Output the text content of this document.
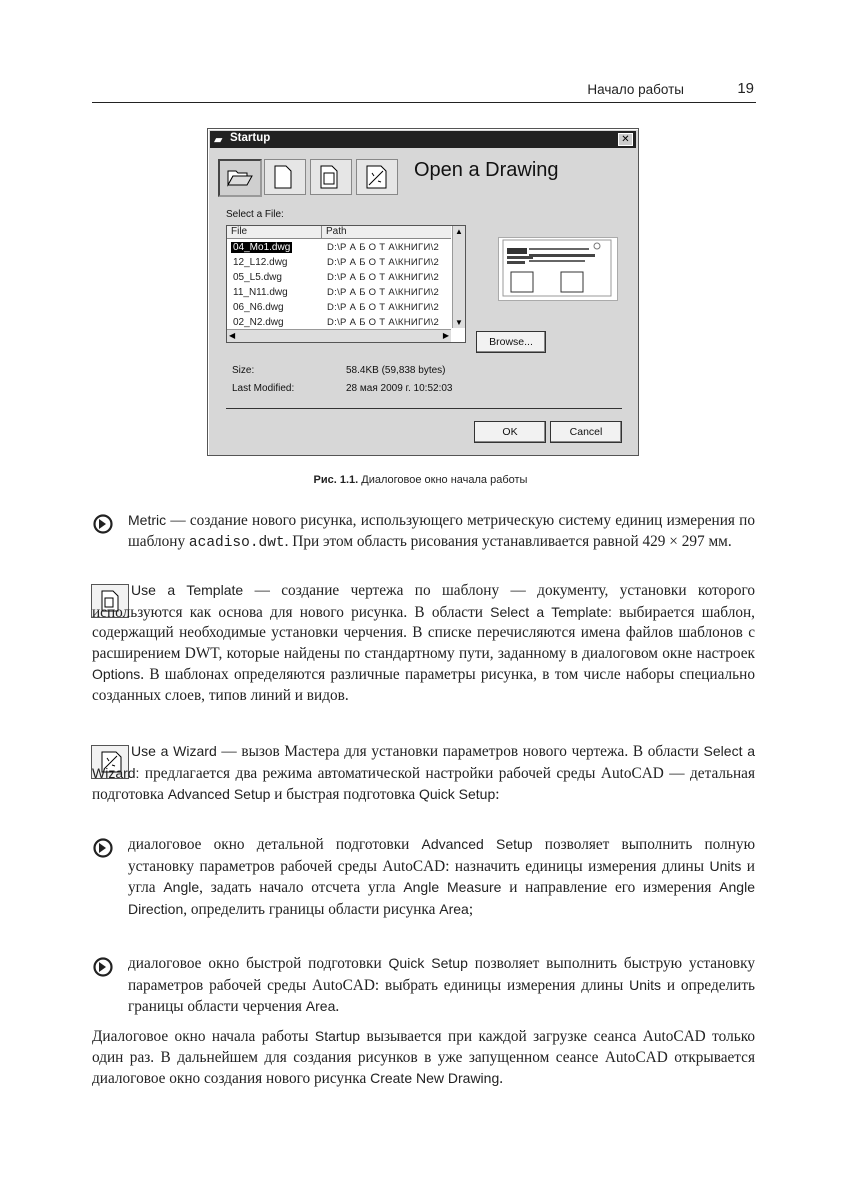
Начало работы	19
▰ Startup	✕
Open a Drawing
Select a File:
File	Path
04_Mo1.dwg	D:\Р А Б О Т А\КНИГИ\2
12_L12.dwg	D:\Р А Б О Т А\КНИГИ\2
05_L5.dwg	D:\Р А Б О Т А\КНИГИ\2
11_N11.dwg	D:\Р А Б О Т А\КНИГИ\2
06_N6.dwg	D:\Р А Б О Т А\КНИГИ\2
02_N2.dwg	D:\Р А Б О Т А\КНИГИ\2
▲
▼
◀	▶
Browse...
Size:	58.4KB (59,838 bytes)
Last Modified:	28 мая 2009 г. 10:52:03
OK	Cancel
Рис. 1.1. Диалоговое окно начала работы
Metric — создание нового рисунка, использующего метрическую систему единиц измерения по шаблону acadiso.dwt. При этом область рисования устанавливается равной 429 × 297 мм.
Use a Template — создание чертежа по шаблону — документу, установки которого используются как основа для нового рисунка. В области Select a Template: выбирается шаблон, содержащий необходимые установки черчения. В списке перечисляются имена файлов шаблонов с расширением DWT, которые найдены по стандартному пути, заданному в диалоговом окне настроек Options. В шаблонах определяются различные параметры рисунка, в том числе наборы специально созданных слоев, типов линий и видов.
Use a Wizard — вызов Мастера для установки параметров нового чертежа. В области Select a Wizard: предлагается два режима автоматической настройки рабочей среды AutoCAD — детальная подготовка Advanced Setup и быстрая подготовка Quick Setup:
диалоговое окно детальной подготовки Advanced Setup позволяет выполнить полную установку параметров рабочей среды AutoCAD: назначить единицы измерения длины Units и угла Angle, задать начало отсчета угла Angle Measure и направление его измерения Angle Direction, определить границы области рисунка Area;
диалоговое окно быстрой подготовки Quick Setup позволяет выполнить быструю установку параметров рабочей среды AutoCAD: выбрать единицы измерения длины Units и определить границы области черчения Area.
Диалоговое окно начала работы Startup вызывается при каждой загрузке сеанса AutoCAD только один раз. В дальнейшем для создания рисунков в уже запущенном сеансе AutoCAD открывается диалоговое окно создания нового рисунка Create New Drawing.
